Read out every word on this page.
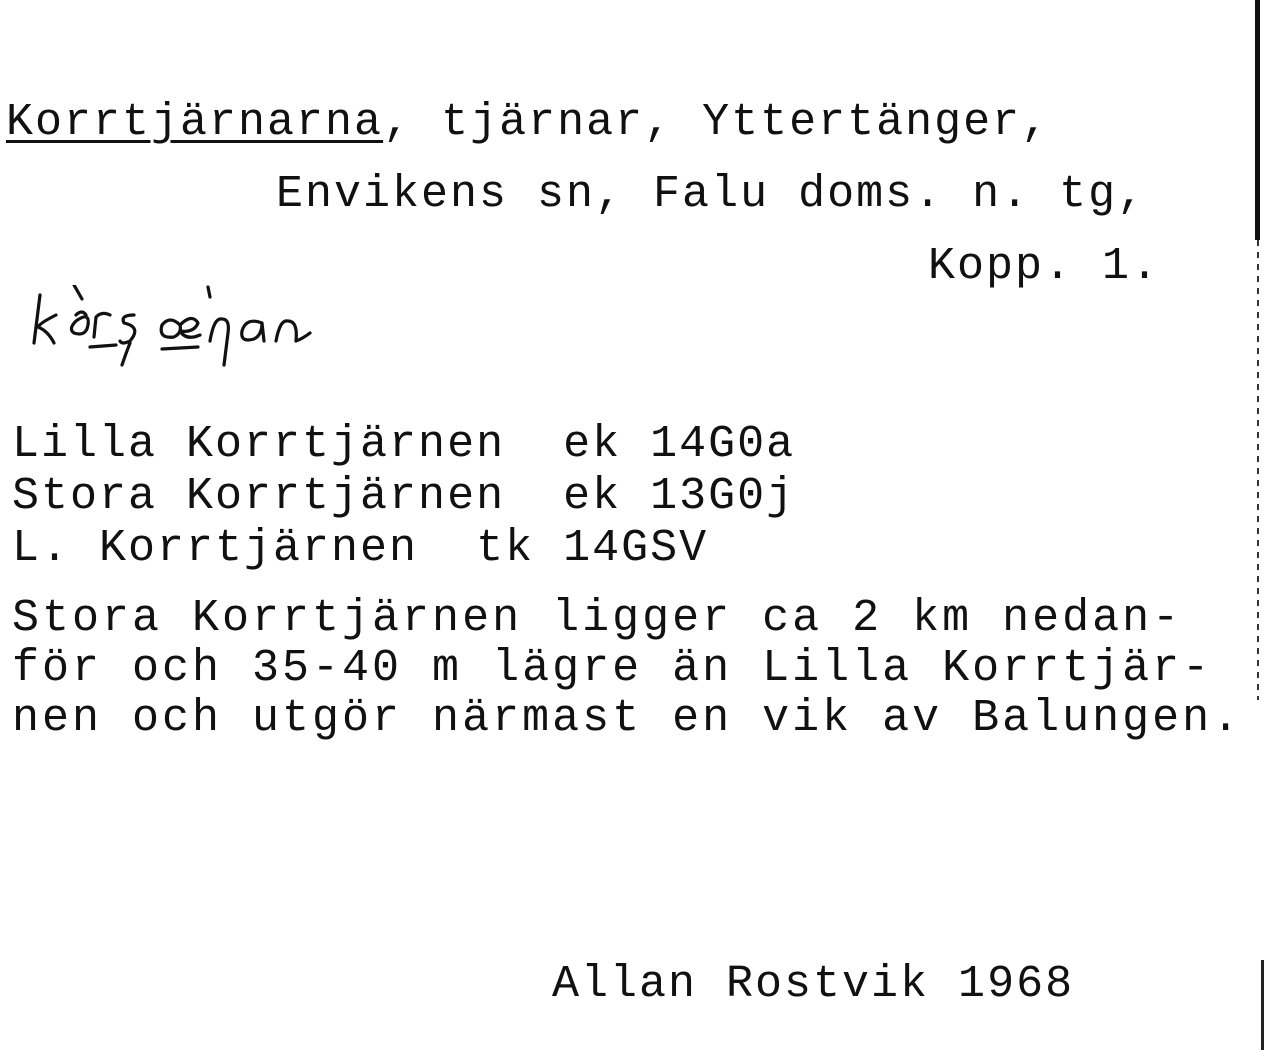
Korrtjärnarna, tjärnar, Yttertänger,
Envikens sn, Falu doms. n. tg,
Kopp. 1.
Lilla Korrtjärnen  ek 14G0a
Stora Korrtjärnen  ek 13G0j
L. Korrtjärnen  tk 14GSV
Stora Korrtjärnen ligger ca 2 km nedan-
för och 35-40 m lägre än Lilla Korrtjär-
nen och utgör närmast en vik av Balungen.
Allan Rostvik 1968
